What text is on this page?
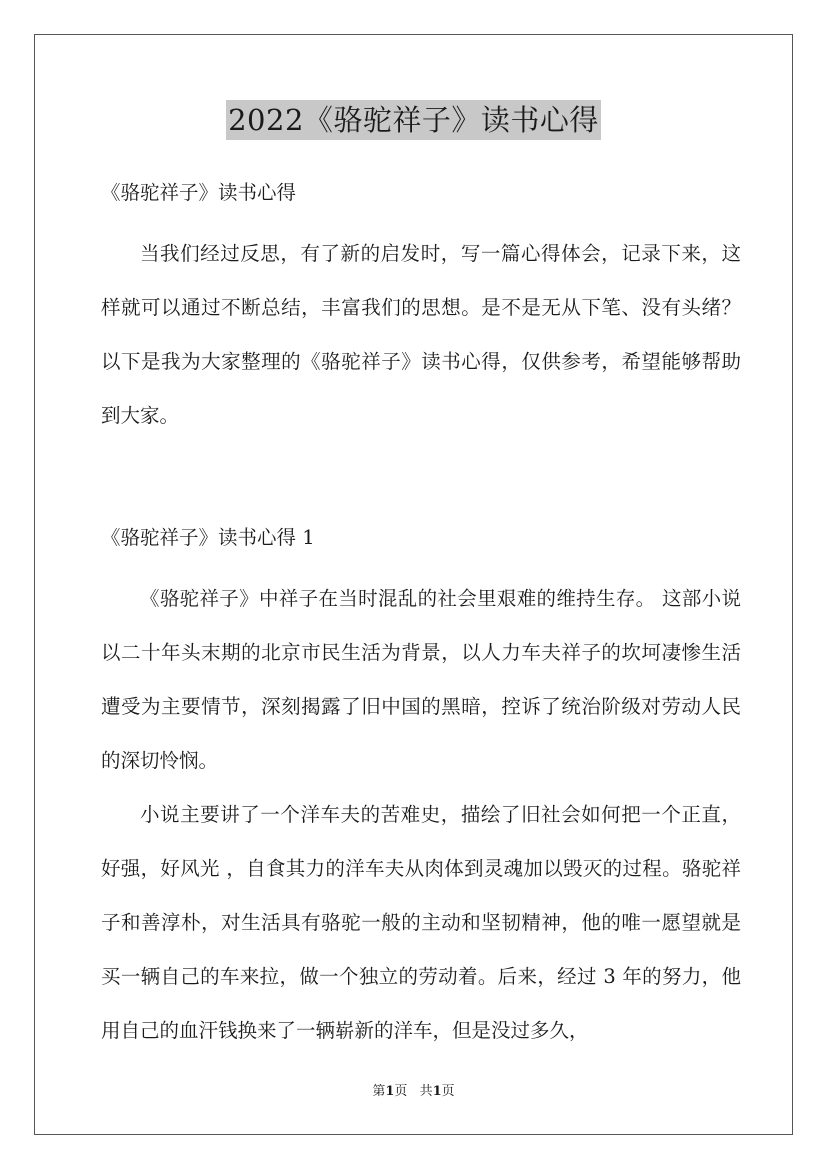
2022《骆驼祥子》读书心得

《骆驼祥子》读书心得

当我们经过反思，有了新的启发时，写一篇心得体会，记录下来，这样就可以通过不断总结，丰富我们的思想。是不是无从下笔、没有头绪？以下是我为大家整理的《骆驼祥子》读书心得，仅供参考，希望能够帮助到大家。

《骆驼祥子》读书心得 1

《骆驼祥子》中祥子在当时混乱的社会里艰难的维持生存。 这部小说以二十年头末期的北京市民生活为背景，以人力车夫祥子的坎坷凄惨生活遭受为主要情节，深刻揭露了旧中国的黑暗，控诉了统治阶级对劳动人民的深切怜悯。

小说主要讲了一个洋车夫的苦难史，描绘了旧社会如何把一个正直，好强，好风光 ，自食其力的洋车夫从肉体到灵魂加以毁灭的过程。骆驼祥子和善淳朴，对生活具有骆驼一般的主动和坚韧精神，他的唯一愿望就是买一辆自己的车来拉，做一个独立的劳动着。后来，经过 3 年的努力，他用自己的血汗钱换来了一辆崭新的洋车，但是没过多久，

第1页 共1页
